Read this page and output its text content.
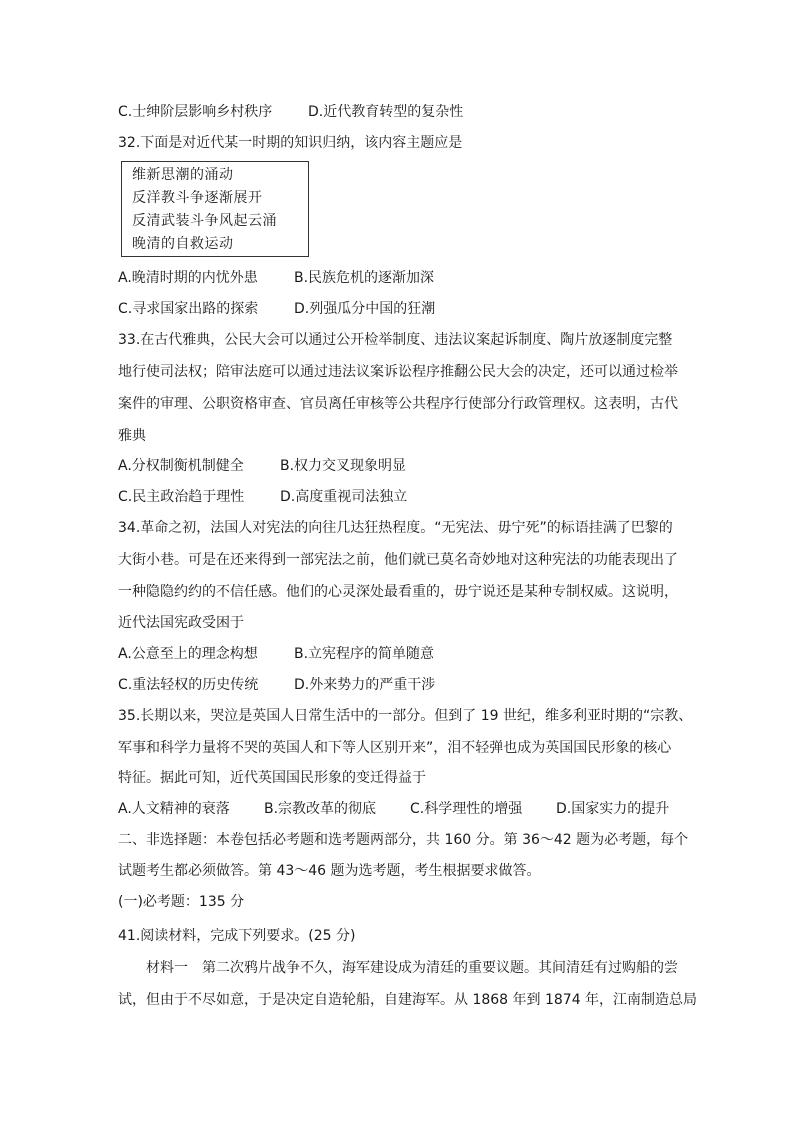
C.士绅阶层影响乡村秩序	D.近代教育转型的复杂性
32.下面是对近代某一时期的知识归纳，该内容主题应是
维新思潮的涌动
反洋教斗争逐渐展开
反清武装斗争风起云涌
晚清的自救运动
A.晚清时期的内忧外患	B.民族危机的逐渐加深
C.寻求国家出路的探索	D.列强瓜分中国的狂潮
33.在古代雅典，公民大会可以通过公开检举制度、违法议案起诉制度、陶片放逐制度完整
地行使司法权；陪审法庭可以通过违法议案诉讼程序推翻公民大会的决定，还可以通过检举
案件的审理、公职资格审查、官员离任审核等公共程序行使部分行政管理权。这表明，古代
雅典
A.分权制衡机制健全	B.权力交叉现象明显
C.民主政治趋于理性	D.高度重视司法独立
34.革命之初，法国人对宪法的向往几达狂热程度。“无宪法、毋宁死”的标语挂满了巴黎的
大街小巷。可是在还来得到一部宪法之前，他们就已莫名奇妙地对这种宪法的功能表现出了
一种隐隐约约的不信任感。他们的心灵深处最看重的，毋宁说还是某种专制权威。这说明，
近代法国宪政受困于
A.公意至上的理念构想	B.立宪程序的简单随意
C.重法轻权的历史传统	D.外来势力的严重干涉
35.长期以来，哭泣是英国人日常生活中的一部分。但到了 19 世纪，维多利亚时期的“宗教、
军事和科学力量将不哭的英国人和下等人区别开来”，泪不轻弹也成为英国国民形象的核心
特征。据此可知，近代英国国民形象的变迁得益于
A.人文精神的衰落 B.宗教改革的彻底 C.科学理性的增强 D.国家实力的提升
二、非选择题：本卷包括必考题和选考题两部分，共 160 分。第 36～42 题为必考题，每个
试题考生都必须做答。第 43～46 题为选考题，考生根据要求做答。
(一)必考题：135 分
41.阅读材料，完成下列要求。(25 分)
材料一　第二次鸦片战争不久，海军建设成为清廷的重要议题。其间清廷有过购船的尝
试，但由于不尽如意，于是决定自造轮船，自建海军。从 1868 年到 1874 年，江南制造总局
